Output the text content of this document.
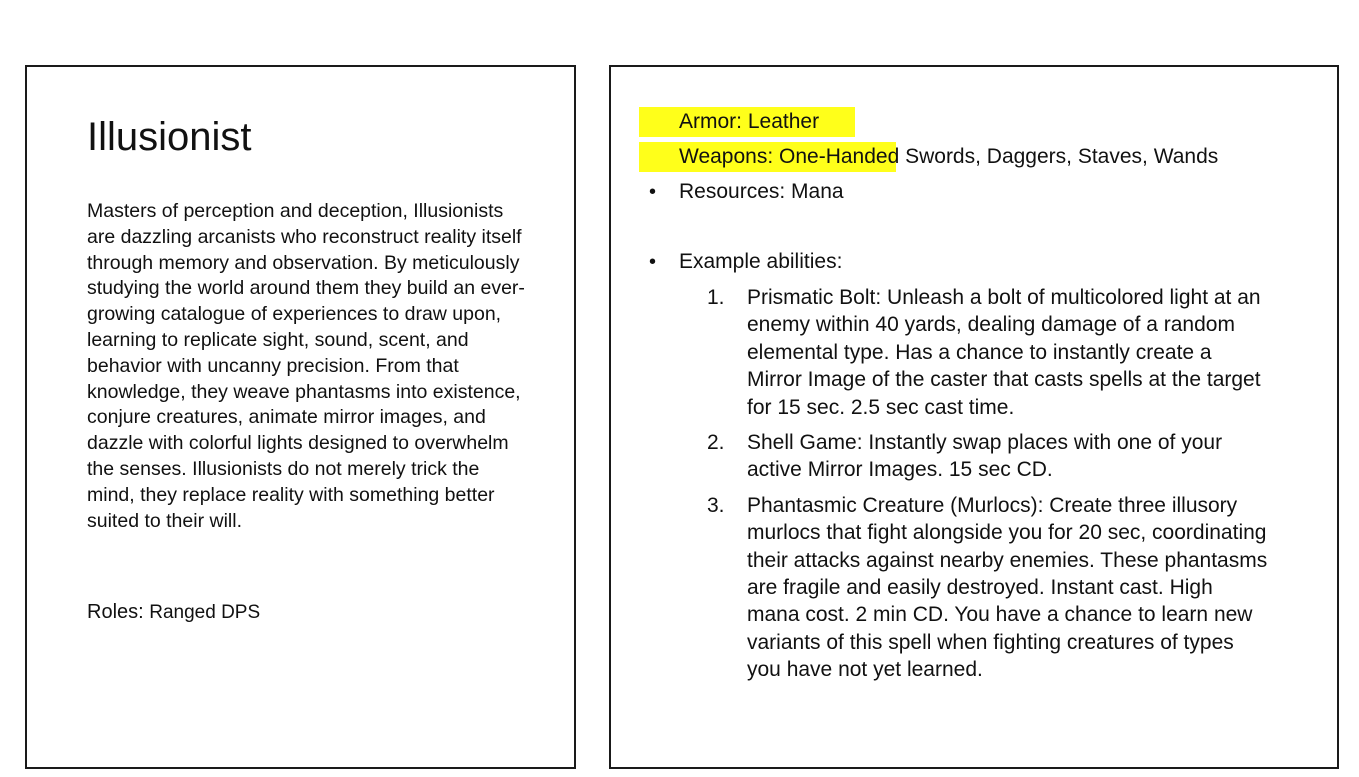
Illusionist

Masters of perception and deception, Illusionists are dazzling arcanists who reconstruct reality itself through memory and observation. By meticulously studying the world around them they build an ever-growing catalogue of experiences to draw upon, learning to replicate sight, sound, scent, and behavior with uncanny precision. From that knowledge, they weave phantasms into existence, conjure creatures, animate mirror images, and dazzle with colorful lights designed to overwhelm the senses. Illusionists do not merely trick the mind, they replace reality with something better suited to their will.

Roles: Ranged DPS

• Armor: Leather
• Weapons: One-Handed Swords, Daggers, Staves, Wands
• Resources: Mana
• Example abilities:
1. Prismatic Bolt: Unleash a bolt of multicolored light at an enemy within 40 yards, dealing damage of a random elemental type. Has a chance to instantly create a Mirror Image of the caster that casts spells at the target for 15 sec. 2.5 sec cast time.
2. Shell Game: Instantly swap places with one of your active Mirror Images. 15 sec CD.
3. Phantasmic Creature (Murlocs): Create three illusory murlocs that fight alongside you for 20 sec, coordinating their attacks against nearby enemies. These phantasms are fragile and easily destroyed. Instant cast. High mana cost. 2 min CD. You have a chance to learn new variants of this spell when fighting creatures of types you have not yet learned.
